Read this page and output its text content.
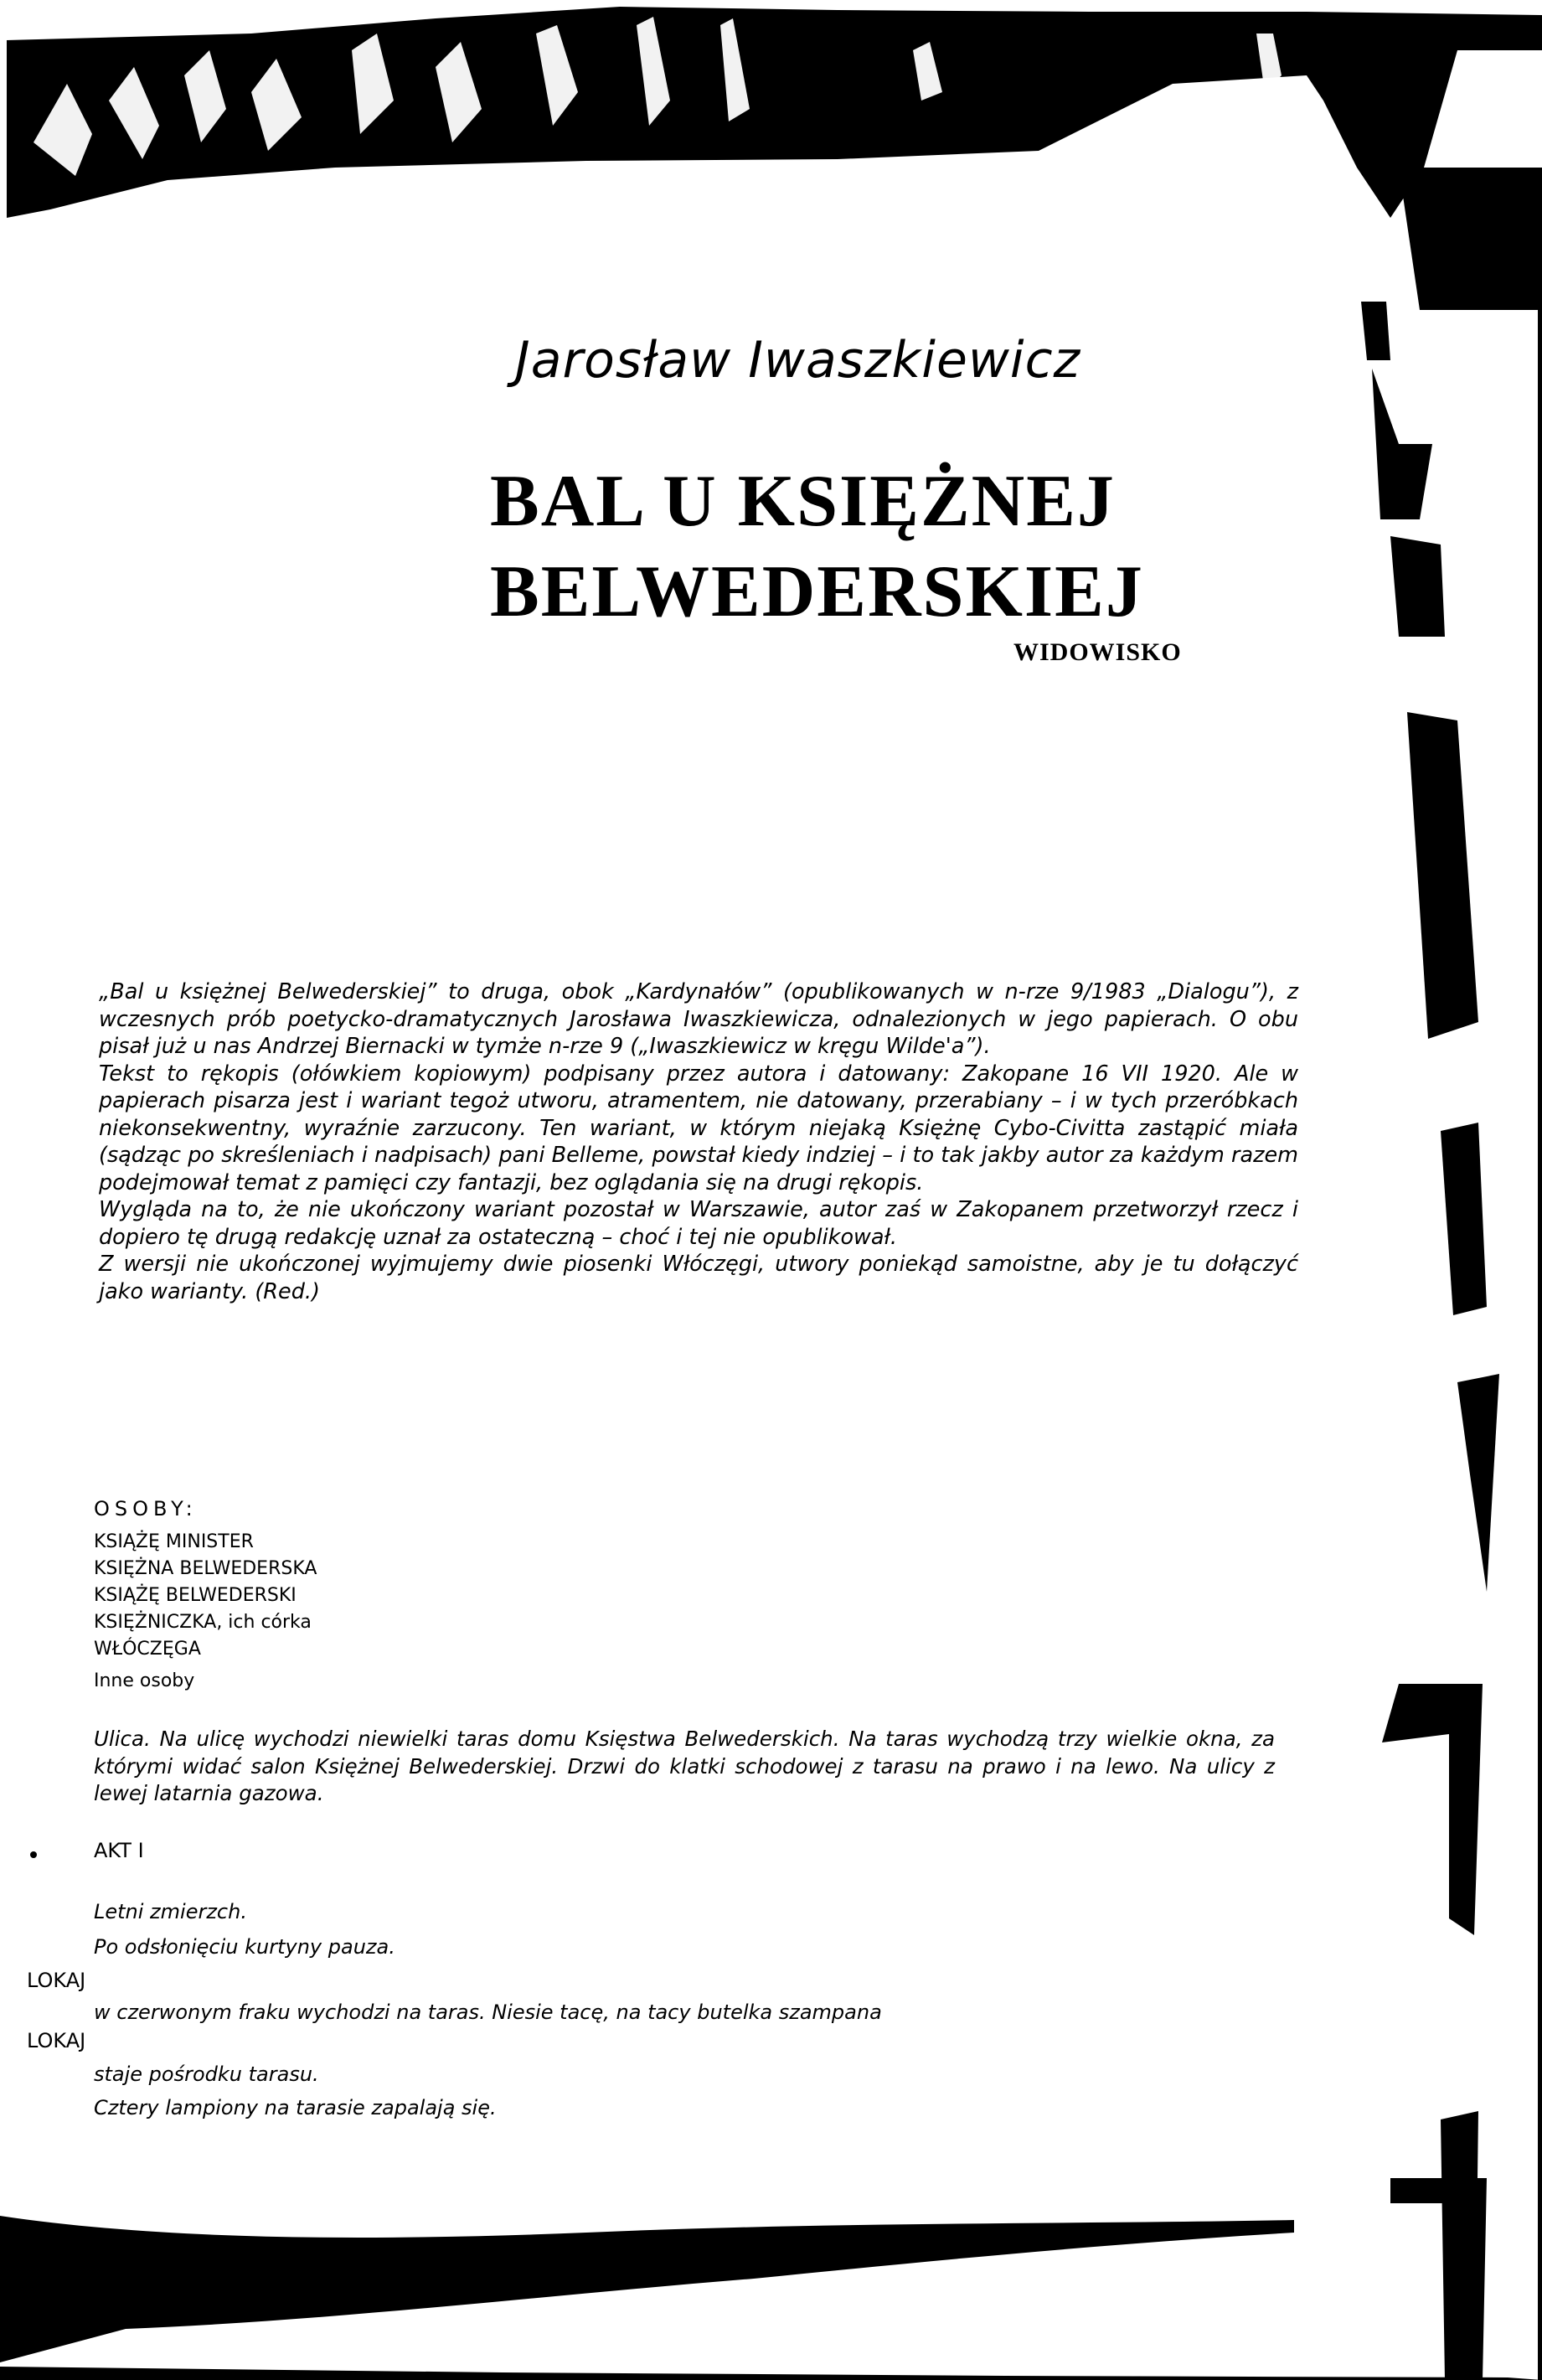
Jarosław Iwaszkiewicz
BAL U KSIĘŻNEJ
BELWEDERSKIEJ
WIDOWISKO

„Bal u księżnej Belwederskiej” to druga, obok „Kardynałów” (opublikowanych w n-rze 9/1983 „Dialogu”), z wczesnych prób poetycko-dramatycznych Jarosława Iwaszkiewicza, odnalezionych w jego papierach. O obu pisał już u nas Andrzej Biernacki w tymże n-rze 9 („Iwaszkiewicz w kręgu Wilde'a”).

Tekst to rękopis (ołówkiem kopiowym) podpisany przez autora i datowany: Zakopane 16 VII 1920. Ale w papierach pisarza jest i wariant tegoż utworu, atramentem, nie datowany, przerabiany – i w tych przeróbkach niekonsekwentny, wyraźnie zarzucony. Ten wariant, w którym niejaką Księżnę Cybo-Civitta zastąpić miała (sądząc po skreśleniach i nadpisach) pani Belleme, powstał kiedy indziej – i to tak jakby autor za każdym razem podejmował temat z pamięci czy fantazji, bez oglądania się na drugi rękopis.

Wygląda na to, że nie ukończony wariant pozostał w Warszawie, autor zaś w Zakopanem przetworzył rzecz i dopiero tę drugą redakcję uznał za ostateczną – choć i tej nie opublikował.

Z wersji nie ukończonej wyjmujemy dwie piosenki Włóczęgi, utwory poniekąd samoistne, aby je tu dołączyć jako warianty. (Red.)

OSOBY:
KSIĄŻĘ MINISTER
KSIĘŻNA BELWEDERSKA
KSIĄŻĘ BELWEDERSKI
KSIĘŻNICZKA, ich córka
WŁÓCZĘGA
Inne osoby

Ulica. Na ulicę wychodzi niewielki taras domu Księstwa Belwederskich. Na taras wychodzą trzy wielkie okna, za którymi widać salon Księżnej Belwederskiej. Drzwi do klatki schodowej z tarasu na prawo i na lewo. Na ulicy z lewej latarnia gazowa.

AKT I
Letni zmierzch.
Po odsłonięciu kurtyny pauza.
LOKAJ
w czerwonym fraku wychodzi na taras. Niesie tacę, na tacy butelka szampana
LOKAJ
staje pośrodku tarasu.
Cztery lampiony na tarasie zapalają się.
